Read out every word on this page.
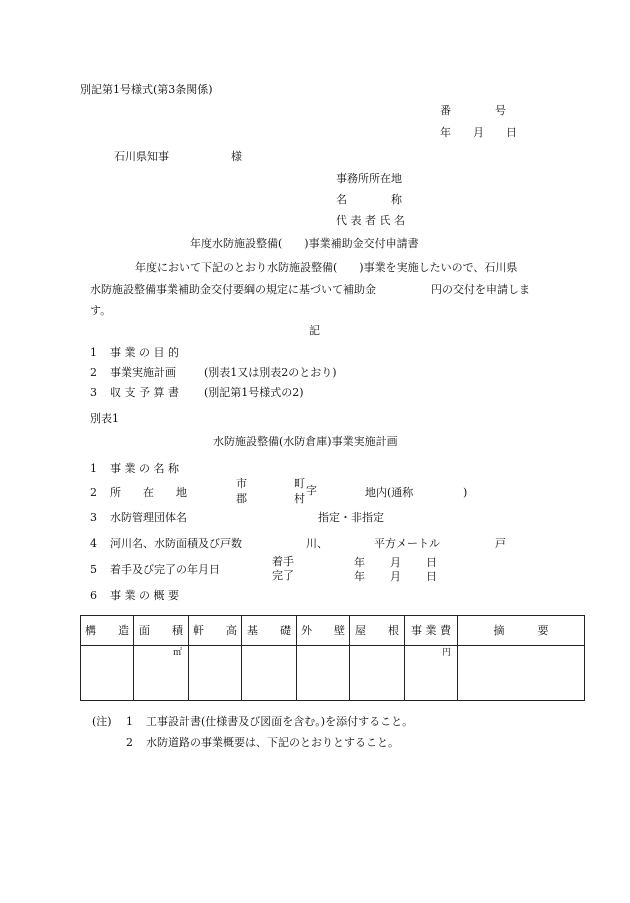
別記第1号様式(第3条関係)
番　　　　号
年　　月　　日
石川県知事	様
事務所所在地
名　　　　称
代 表 者 氏 名
年度水防施設整備(　　)事業補助金交付申請書
年度において下記のとおり水防施設整備(　　)事業を実施したいので、石川県
水防施設整備事業補助金交付要綱の規定に基づいて補助金　　　　　円の交付を申請しま
す。
記
1 事 業 の 目 的
2 事業実施計画	(別表1又は別表2のとおり)
3 収 支 予 算 書 (別記第1号様式の2)
別表1
水防施設整備(水防倉庫)事業実施計画
1 事 業 の 名 称
2 所　　在　　地
市
郡
町
村
字	地内(通称	)
3 水防管理団体名	指定・非指定
4 河川名、水防面積及び戸数	川、	平方メートル	戸
5 着手及び完了の年月日
着手
完了
年 月 日
年 月 日
6 事 業 の 概 要
構　　造	面　　積	軒　　高	基　　礎	外　　壁	屋　　根	事 業 費	摘　　　要
	㎡					円	
(注) 1 工事設計書(仕様書及び図面を含む。)を添付すること。
2 水防道路の事業概要は、下記のとおりとすること。
